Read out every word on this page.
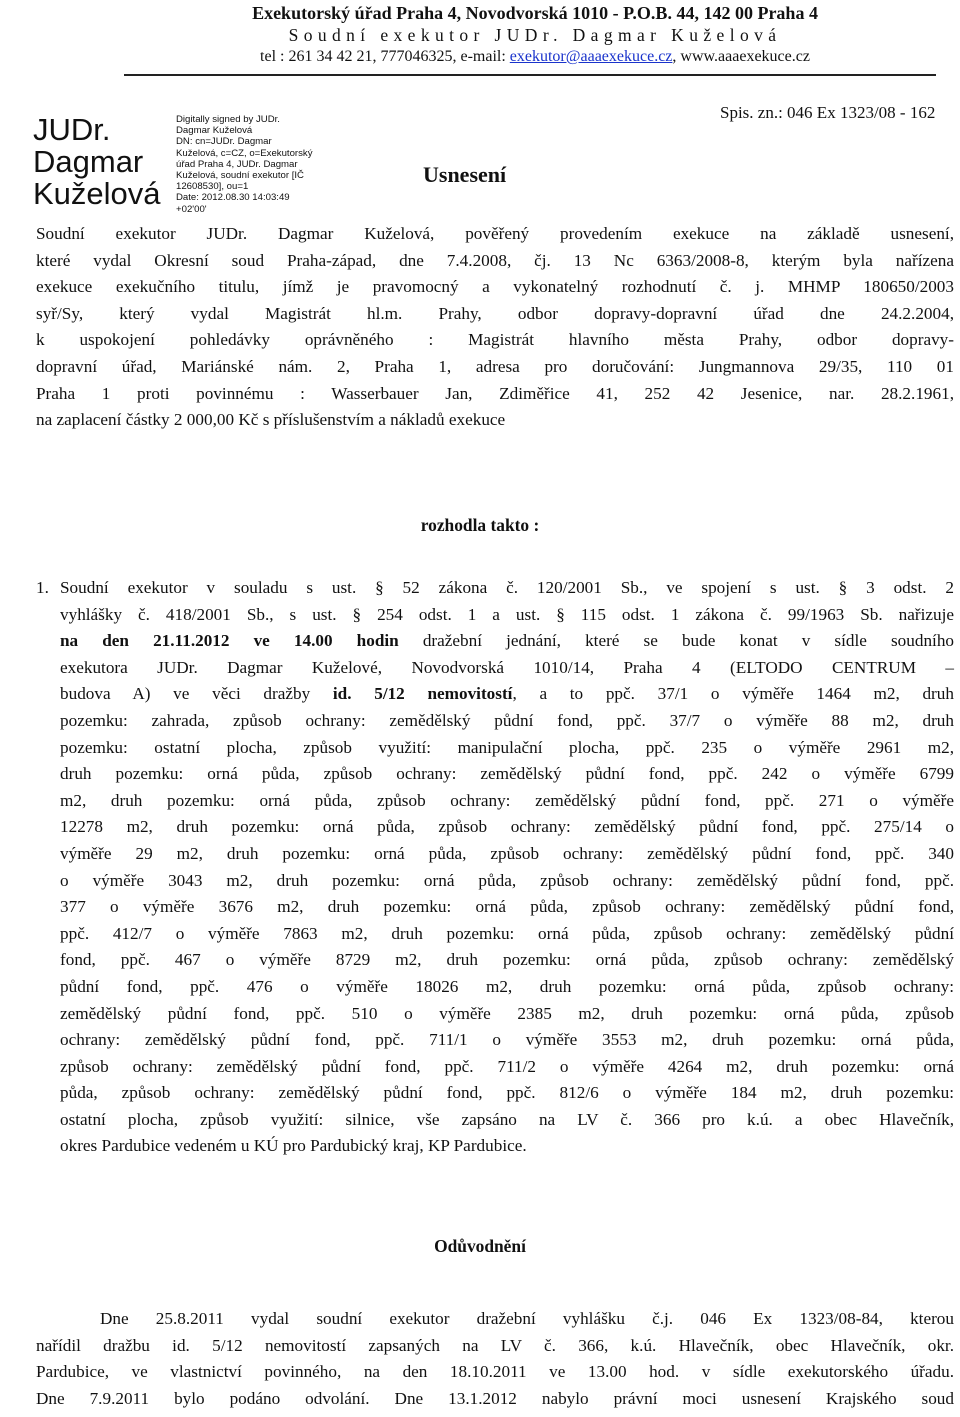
Exekutorský úřad Praha 4, Novodvorská 1010 - P.O.B. 44, 142 00 Praha 4
Soudní exekutor JUDr. Dagmar Kuželová
tel : 261 34 42 21, 777046325, e-mail: exekutor@aaaexekuce.cz, www.aaaexekuce.cz
JUDr.
Dagmar
Kuželová
Digitally signed by JUDr.
Dagmar Kuželová
DN: cn=JUDr. Dagmar
Kuželová, c=CZ, o=Exekutorský
úřad Praha 4, JUDr. Dagmar
Kuželová, soudní exekutor [IČ
12608530], ou=1
Date: 2012.08.30 14:03:49
+02'00'
Usnesení
Spis. zn.: 046 Ex 1323/08 - 162
Soudní exekutor JUDr. Dagmar Kuželová, pověřený provedením exekuce na základě usnesení,
které vydal Okresní soud Praha-západ, dne 7.4.2008, čj. 13 Nc 6363/2008-8, kterým byla nařízena
exekuce exekučního titulu, jímž je pravomocný a vykonatelný rozhodnutí č. j. MHMP 180650/2003
syř/Sy, který vydal Magistrát hl.m. Prahy, odbor dopravy-dopravní úřad dne 24.2.2004,
k uspokojení pohledávky oprávněného : Magistrát hlavního města Prahy, odbor dopravy-
dopravní úřad, Mariánské nám. 2, Praha 1, adresa pro doručování: Jungmannova 29/35, 110 01
Praha 1 proti povinnému : Wasserbauer Jan, Zdiměřice 41, 252 42 Jesenice, nar. 28.2.1961,
na zaplacení částky 2 000,00 Kč s příslušenstvím a nákladů exekuce
rozhodla takto :
1. Soudní exekutor v souladu s ust. § 52 zákona č. 120/2001 Sb., ve spojení s ust. § 3 odst. 2
vyhlášky č. 418/2001 Sb., s ust. § 254 odst. 1 a ust. § 115 odst. 1 zákona č. 99/1963 Sb. nařizuje
na den 21.11.2012 ve 14.00 hodin dražební jednání, které se bude konat v sídle soudního
exekutora JUDr. Dagmar Kuželové, Novodvorská 1010/14, Praha 4 (ELTODO CENTRUM –
budova A) ve věci dražby id. 5/12 nemovitostí, a to ppč. 37/1 o výměře 1464 m2, druh
pozemku: zahrada, způsob ochrany: zemědělský půdní fond, ppč. 37/7 o výměře 88 m2, druh
pozemku: ostatní plocha, způsob využití: manipulační plocha, ppč. 235 o výměře 2961 m2,
druh pozemku: orná půda, způsob ochrany: zemědělský půdní fond, ppč. 242 o výměře 6799
m2, druh pozemku: orná půda, způsob ochrany: zemědělský půdní fond, ppč. 271 o výměře
12278 m2, druh pozemku: orná půda, způsob ochrany: zemědělský půdní fond, ppč. 275/14 o
výměře 29 m2, druh pozemku: orná půda, způsob ochrany: zemědělský půdní fond, ppč. 340
o výměře 3043 m2, druh pozemku: orná půda, způsob ochrany: zemědělský půdní fond, ppč.
377 o výměře 3676 m2, druh pozemku: orná půda, způsob ochrany: zemědělský půdní fond,
ppč. 412/7 o výměře 7863 m2, druh pozemku: orná půda, způsob ochrany: zemědělský půdní
fond, ppč. 467 o výměře 8729 m2, druh pozemku: orná půda, způsob ochrany: zemědělský
půdní fond, ppč. 476 o výměře 18026 m2, druh pozemku: orná půda, způsob ochrany:
zemědělský půdní fond, ppč. 510 o výměře 2385 m2, druh pozemku: orná půda, způsob
ochrany: zemědělský půdní fond, ppč. 711/1 o výměře 3553 m2, druh pozemku: orná půda,
způsob ochrany: zemědělský půdní fond, ppč. 711/2 o výměře 4264 m2, druh pozemku: orná
půda, způsob ochrany: zemědělský půdní fond, ppč. 812/6 o výměře 184 m2, druh pozemku:
ostatní plocha, způsob využití: silnice, vše zapsáno na LV č. 366 pro k.ú. a obec Hlavečník,
okres Pardubice vedeném u KÚ pro Pardubický kraj, KP Pardubice.
Odůvodnění
Dne 25.8.2011 vydal soudní exekutor dražební vyhlášku č.j. 046 Ex 1323/08-84, kterou
nařídil dražbu id. 5/12 nemovitostí zapsaných na LV č. 366, k.ú. Hlavečník, obec Hlavečník, okr.
Pardubice, ve vlastnictví povinného, na den 18.10.2011 ve 13.00 hod. v sídle exekutorského úřadu.
Dne 7.9.2011 bylo podáno odvolání. Dne 13.1.2012 nabylo právní moci usnesení Krajského soud
